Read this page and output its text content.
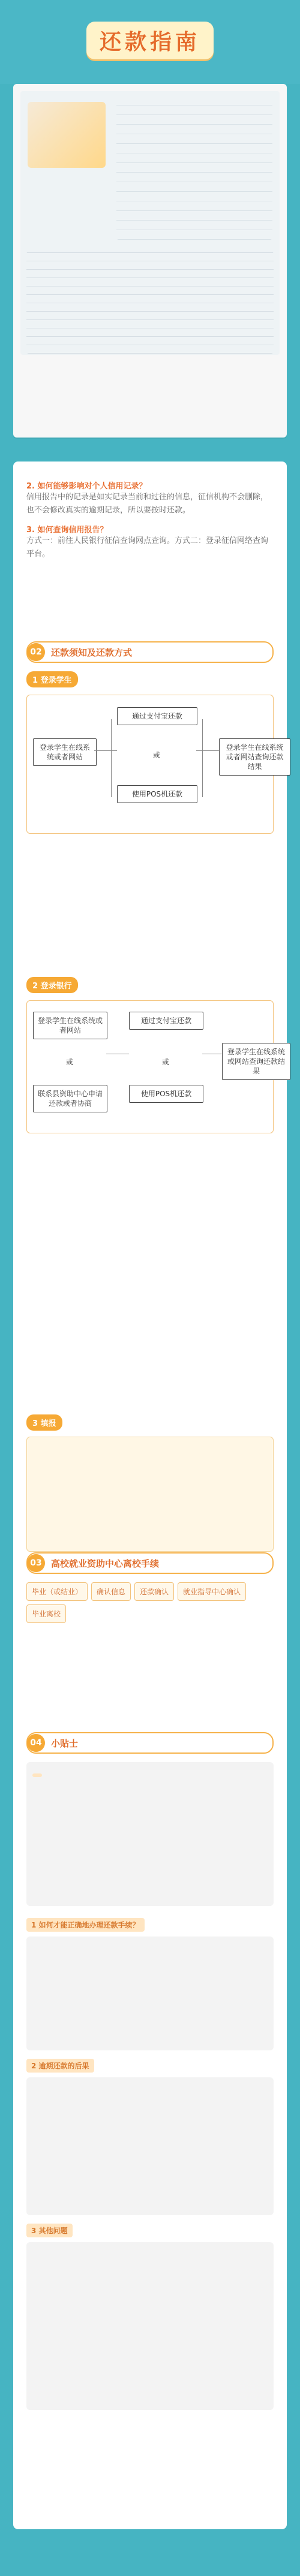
还款指南
2. 如何能够影响对个人信用记录？
信用报告中的记录是如实记录当前和过往的信息，征信机构不会删除，也不会修改真实的逾期记录，所以要按时还款。
3. 如何查询信用报告？
方式一：前往人民银行征信查询网点查询。方式二：登录征信网络查询平台。
02	还款须知及还款方式
1 登录学生
登录学生在线系统或者网站
通过支付宝还款
或
使用POS机还款
登录学生在线系统或者网站查询还款结果
2 登录银行
登录学生在线系统或者网站
或
联系县资助中心申请还款或者协商
通过支付宝还款
或
使用POS机还款
登录学生在线系统或网站查询还款结果
3 填报
03	高校就业资助中心离校手续
毕业（或结业）	确认信息	还款确认	就业指导中心确认
毕业离校
04	小贴士
1 如何才能正确地办理还款手续？
2 逾期还款的后果
3 其他问题
